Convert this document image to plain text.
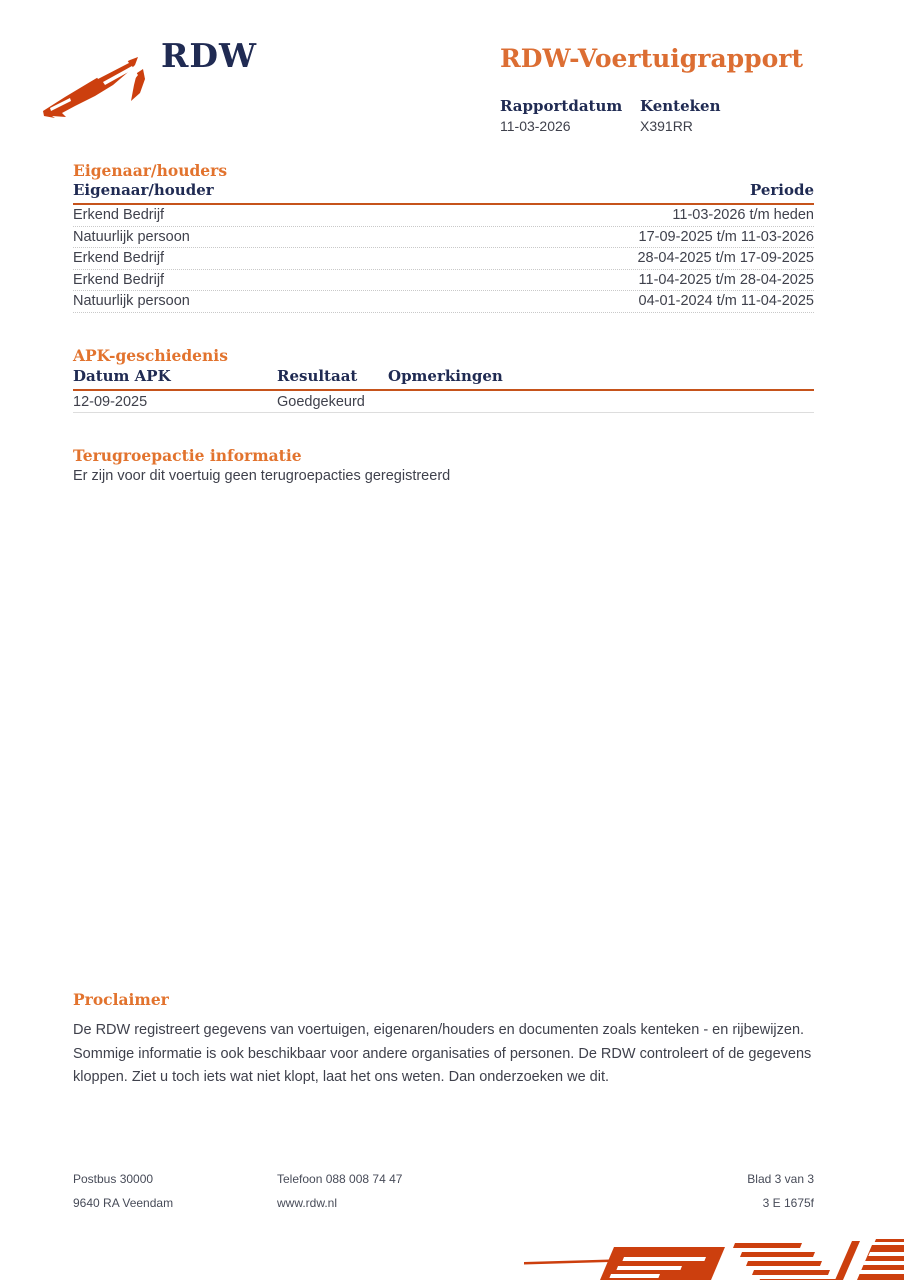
RDW	RDW-Voertuigrapport
Rapportdatum Kenteken
11-03-2026	X391RR
Eigenaar/houders
Eigenaar/houder	Periode
Erkend Bedrijf	11-03-2026 t/m heden
Natuurlijk persoon	17-09-2025 t/m 11-03-2026
Erkend Bedrijf	28-04-2025 t/m 17-09-2025
Erkend Bedrijf	11-04-2025 t/m 28-04-2025
Natuurlijk persoon	04-01-2024 t/m 11-04-2025
APK-geschiedenis
Datum APK	Resultaat	Opmerkingen
12-09-2025	Goedgekeurd
Terugroepactie informatie
Er zijn voor dit voertuig geen terugroepacties geregistreerd
Proclaimer
De RDW registreert gegevens van voertuigen, eigenaren/houders en documenten zoals kenteken - en rijbewijzen. Sommige informatie is ook beschikbaar voor andere organisaties of personen. De RDW controleert of de gegevens kloppen. Ziet u toch iets wat niet klopt, laat het ons weten. Dan onderzoeken we dit.
Postbus 30000
9640 RA Veendam
Telefoon 088 008 74 47
www.rdw.nl
Blad 3 van 3
3 E 1675f
